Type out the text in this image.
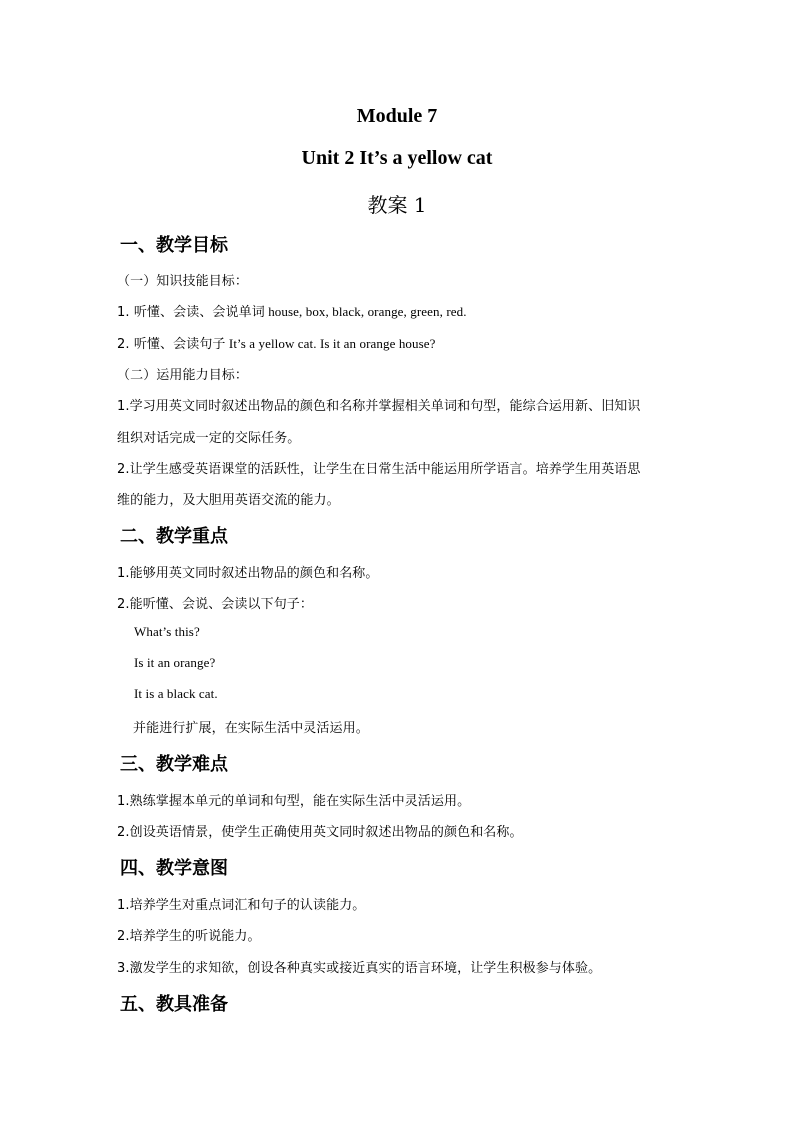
Module 7
Unit 2 It’s a yellow cat
教案 1
一、教学目标
（一）知识技能目标：
1. 听懂、会读、会说单词 house, box, black, orange, green, red.
2. 听懂、会读句子 It’s a yellow cat. Is it an orange house?
（二）运用能力目标：
1.学习用英文同时叙述出物品的颜色和名称并掌握相关单词和句型，能综合运用新、旧知识
组织对话完成一定的交际任务。
2.让学生感受英语课堂的活跃性，让学生在日常生活中能运用所学语言。培养学生用英语思
维的能力，及大胆用英语交流的能力。
二、教学重点
1.能够用英文同时叙述出物品的颜色和名称。
2.能听懂、会说、会读以下句子：
What’s this?
Is it an orange?
It is a black cat.
并能进行扩展，在实际生活中灵活运用。
三、教学难点
1.熟练掌握本单元的单词和句型，能在实际生活中灵活运用。
2.创设英语情景，使学生正确使用英文同时叙述出物品的颜色和名称。
四、教学意图
1.培养学生对重点词汇和句子的认读能力。
2.培养学生的听说能力。
3.激发学生的求知欲，创设各种真实或接近真实的语言环境，让学生积极参与体验。
五、教具准备
